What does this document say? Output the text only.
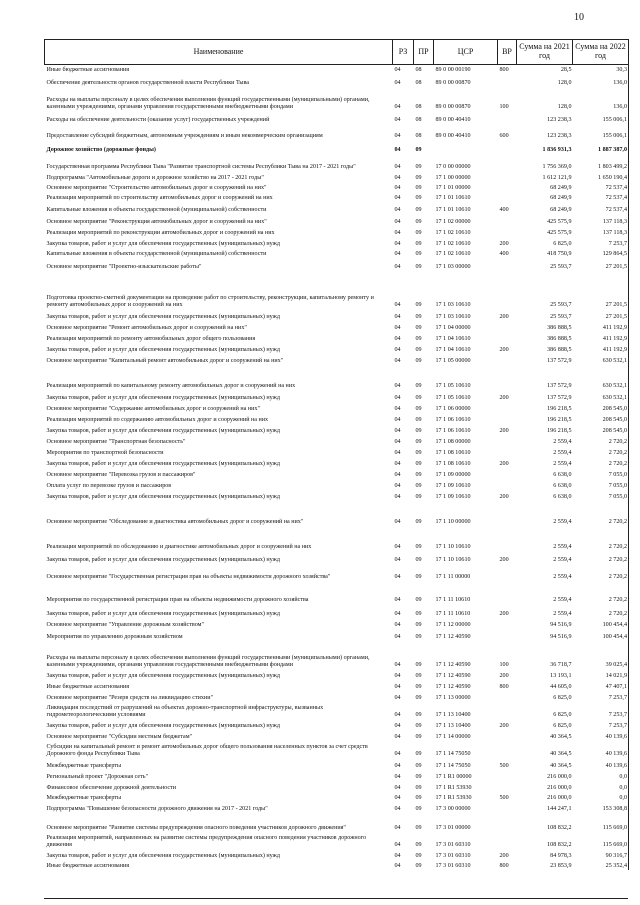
10
Наименование	РЗ	ПР	ЦСР	ВР	Сумма на 2021 год	Сумма на 2022 год
Иные бюджетные ассигнования	04	08	89 0 00 00190	800	28,5	30,3
Обеспечение деятельности органов государственной власти Республики Тыва	04	08	89 0 00 00870		128,0	136,0
Расходы на выплаты персоналу в целях обеспечения выполнения функций государственными (муниципальными) органами, казенными учреждениями, органами управления государственными внебюджетными фондами	04	08	89 0 00 00870	100	128,0	136,0
Расходы на обеспечение деятельности (оказание услуг) государственных учреждений	04	08	89 0 00 40410		123 238,3	155 006,1
Предоставление субсидий бюджетным, автономным учреждениям и иным некоммерческим организациям	04	08	89 0 00 40410	600	123 238,3	155 006,1
Дорожное хозяйство (дорожные фонды)	04	09			1 836 931,3	1 887 387,0
Государственная программа Республики Тыва "Развитие транспортной системы Республики Тыва на 2017 - 2021 годы"	04	09	17 0 00 00000		1 756 369,0	1 803 499,2
Подпрограмма "Автомобильные дороги и дорожное хозяйство на 2017 - 2021 годы"	04	09	17 1 00 00000		1 612 121,9	1 650 190,4
Основное мероприятие "Строительство автомобильных дорог и сооружений на них"	04	09	17 1 01 00000		68 249,9	72 537,4
Реализация мероприятий по строительству автомобильных дорог и сооружений на них	04	09	17 1 01 10610		68 249,9	72 537,4
Капитальные вложения в объекты государственной (муниципальной) собственности	04	09	17 1 01 10610	400	68 249,9	72 537,4
Основное мероприятие "Реконструкция автомобильных дорог и сооружений на них"	04	09	17 1 02 00000		425 575,9	137 118,3
Реализация мероприятий по реконструкции автомобильных дорог и сооружений на них	04	09	17 1 02 10610		425 575,9	137 118,3
Закупка товаров, работ и услуг для обеспечения государственных (муниципальных) нужд	04	09	17 1 02 10610	200	6 825,0	7 253,7
Капитальные вложения в объекты государственной (муниципальной) собственности	04	09	17 1 02 10610	400	418 750,9	129 864,5
Основное мероприятие "Проектно-изыскательские работы"	04	09	17 1 03 00000		25 593,7	27 201,5
Подготовка проектно-сметной документации на проведение работ по строительству, реконструкции, капитальному ремонту и ремонту автомобильных дорог и сооружений на них	04	09	17 1 03 10610		25 593,7	27 201,5
Закупка товаров, работ и услуг для обеспечения государственных (муниципальных) нужд	04	09	17 1 03 10610	200	25 593,7	27 201,5
Основное мероприятие "Ремонт автомобильных дорог и сооружений на них"	04	09	17 1 04 00000		386 888,5	411 192,9
Реализация мероприятий по ремонту автомобильных дорог общего пользования	04	09	17 1 04 10610		386 888,5	411 192,9
Закупка товаров, работ и услуг для обеспечения государственных (муниципальных) нужд	04	09	17 1 04 10610	200	386 888,5	411 192,9
Основное мероприятие "Капитальный ремонт автомобильных дорог и сооружений на них"	04	09	17 1 05 00000		137 572,9	630 532,1
Реализация мероприятий по капитальному ремонту автомобильных дорог и сооружений на них	04	09	17 1 05 10610		137 572,9	630 532,1
Закупка товаров, работ и услуг для обеспечения государственных (муниципальных) нужд	04	09	17 1 05 10610	200	137 572,9	630 532,1
Основное мероприятие "Содержание автомобильных дорог и сооружений на них"	04	09	17 1 06 00000		196 218,5	208 545,0
Реализация мероприятий по содержанию автомобильных дорог и сооружений на них	04	09	17 1 06 10610		196 218,5	208 545,0
Закупка товаров, работ и услуг для обеспечения государственных (муниципальных) нужд	04	09	17 1 06 10610	200	196 218,5	208 545,0
Основное мероприятие "Транспортная безопасность"	04	09	17 1 08 00000		2 559,4	2 720,2
Мероприятия по транспортной безопасности	04	09	17 1 08 10610		2 559,4	2 720,2
Закупка товаров, работ и услуг для обеспечения государственных (муниципальных) нужд	04	09	17 1 08 10610	200	2 559,4	2 720,2
Основное мероприятие "Перевозка грузов и пассажиров"	04	09	17 1 09 00000		6 638,0	7 055,0
Оплата услуг по перевозке грузов и пассажиров	04	09	17 1 09 10610		6 638,0	7 055,0
Закупка товаров, работ и услуг для обеспечения государственных (муниципальных) нужд	04	09	17 1 09 10610	200	6 638,0	7 055,0
Основное мероприятие "Обследование и диагностика автомобильных дорог и сооружений на них"	04	09	17 1 10 00000		2 559,4	2 720,2
Реализация мероприятий по обследованию и диагностике автомобильных дорог и сооружений на них	04	09	17 1 10 10610		2 559,4	2 720,2
Закупка товаров, работ и услуг для обеспечения государственных (муниципальных) нужд	04	09	17 1 10 10610	200	2 559,4	2 720,2
Основное мероприятие "Государственная регистрация прав на объекты недвижимости дорожного хозяйства"	04	09	17 1 11 00000		2 559,4	2 720,2
Мероприятия по государственной регистрации прав на объекты недвижимости дорожного хозяйства	04	09	17 1 11 10610		2 559,4	2 720,2
Закупка товаров, работ и услуг для обеспечения государственных (муниципальных) нужд	04	09	17 1 11 10610	200	2 559,4	2 720,2
Основное мероприятие "Управление дорожным хозяйством"	04	09	17 1 12 00000		94 516,9	100 454,4
Мероприятия по управлению дорожным хозяйством	04	09	17 1 12 40590		94 516,9	100 454,4
Расходы на выплаты персоналу в целях обеспечения выполнения функций государственными (муниципальными) органами, казенными учреждениями, органами управления государственными внебюджетными фондами	04	09	17 1 12 40590	100	36 718,7	39 025,4
Закупка товаров, работ и услуг для обеспечения государственных (муниципальных) нужд	04	09	17 1 12 40590	200	13 193,1	14 021,9
Иные бюджетные ассигнования	04	09	17 1 12 40590	800	44 605,0	47 407,1
Основное мероприятие "Резерв средств на ликвидацию стихии"	04	09	17 1 13 00000		6 825,0	7 253,7
Ликвидация последствий от разрушений на объектах дорожно-транспортной инфраструктуры, вызванных гидрометеорологическими условиями	04	09	17 1 13 10400		6 825,0	7 253,7
Закупка товаров, работ и услуг для обеспечения государственных (муниципальных) нужд	04	09	17 1 13 10400	200	6 825,0	7 253,7
Основное мероприятие "Субсидии местным бюджетам"	04	09	17 1 14 00000		40 364,5	40 139,6
Субсидии на капитальный ремонт и ремонт автомобильных дорог общего пользования населенных пунктов за счет средств Дорожного фонда Республики Тыва	04	09	17 1 14 75050		40 364,5	40 139,6
Межбюджетные трансферты	04	09	17 1 14 75050	500	40 364,5	40 139,6
Региональный проект "Дорожная сеть"	04	09	17 1 R1 00000		216 000,0	0,0
Финансовое обеспечение дорожной деятельности	04	09	17 1 R1 53930		216 000,0	0,0
Межбюджетные трансферты	04	09	17 1 R1 53930	500	216 000,0	0,0
Подпрограмма "Повышение безопасности дорожного движения на 2017 - 2021 годы"	04	09	17 3 00 00000		144 247,1	153 308,8
Основное мероприятие "Развитие системы предупреждения опасного поведения участников дорожного движения"	04	09	17 3 01 00000		108 832,2	115 669,0
Реализация мероприятий, направленных на развитие системы предупреждения опасного поведения участников дорожного движения	04	09	17 3 01 60310		108 832,2	115 669,0
Закупка товаров, работ и услуг для обеспечения государственных (муниципальных) нужд	04	09	17 3 01 60310	200	84 978,3	90 316,7
Иные бюджетные ассигнования	04	09	17 3 01 60310	800	23 853,9	25 352,4
